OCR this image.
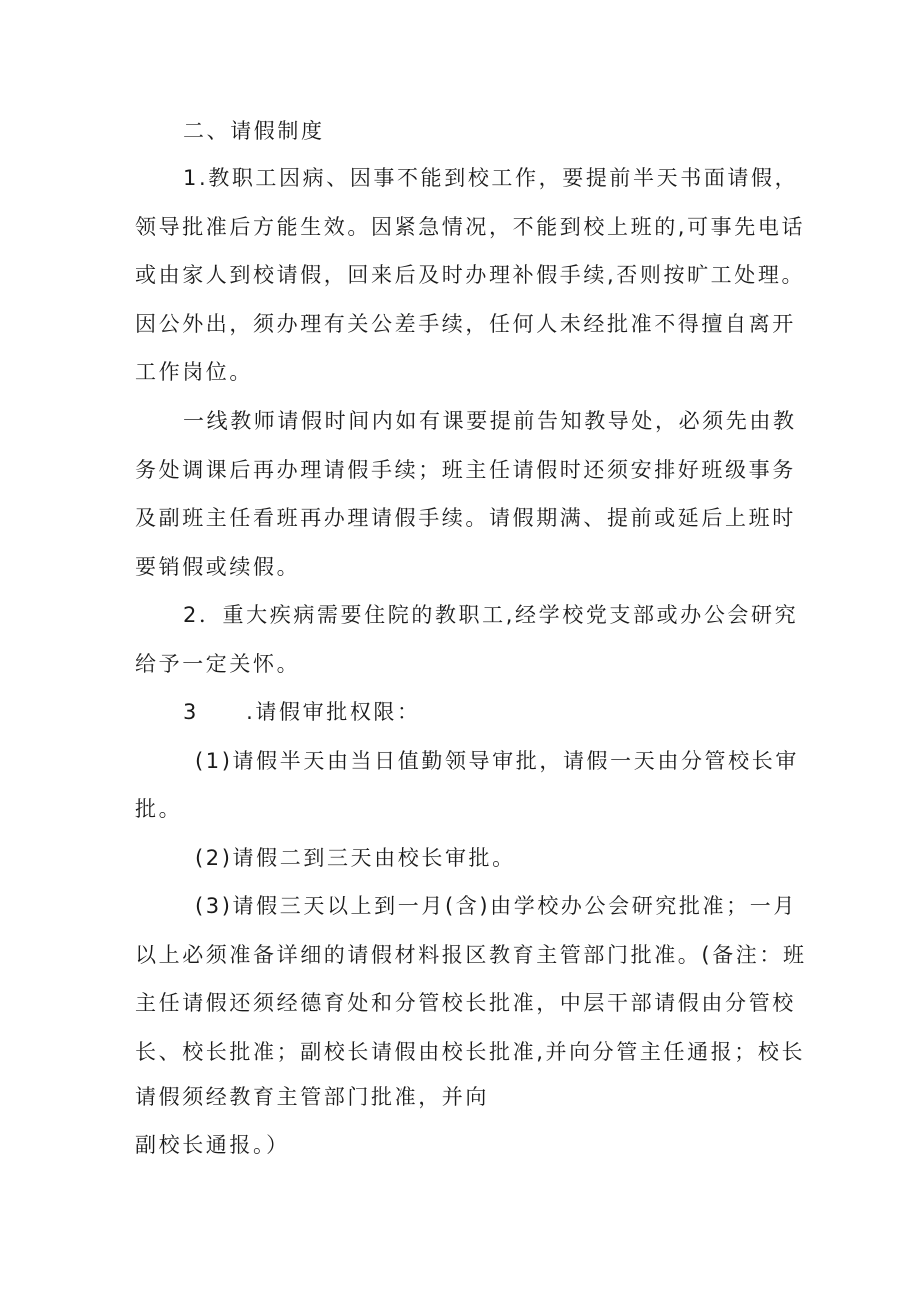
二、请假制度
1.教职工因病、因事不能到校工作，要提前半天书面请假，
领导批准后方能生效。因紧急情况，不能到校上班的,可事先电话
或由家人到校请假，回来后及时办理补假手续,否则按旷工处理。
因公外出，须办理有关公差手续，任何人未经批准不得擅自离开
工作岗位。
一线教师请假时间内如有课要提前告知教导处，必须先由教
务处调课后再办理请假手续；班主任请假时还须安排好班级事务
及副班主任看班再办理请假手续。请假期满、提前或延后上班时
要销假或续假。
2．重大疾病需要住院的教职工,经学校党支部或办公会研究
给予一定关怀。
3　　.请假审批权限：
(1)请假半天由当日值勤领导审批，请假一天由分管校长审
批。
(2)请假二到三天由校长审批。
(3)请假三天以上到一月(含)由学校办公会研究批准；一月
以上必须准备详细的请假材料报区教育主管部门批准。(备注：班
主任请假还须经德育处和分管校长批准，中层干部请假由分管校
长、校长批准；副校长请假由校长批准,并向分管主任通报；校长
请假须经教育主管部门批准，并向
副校长通报。）
